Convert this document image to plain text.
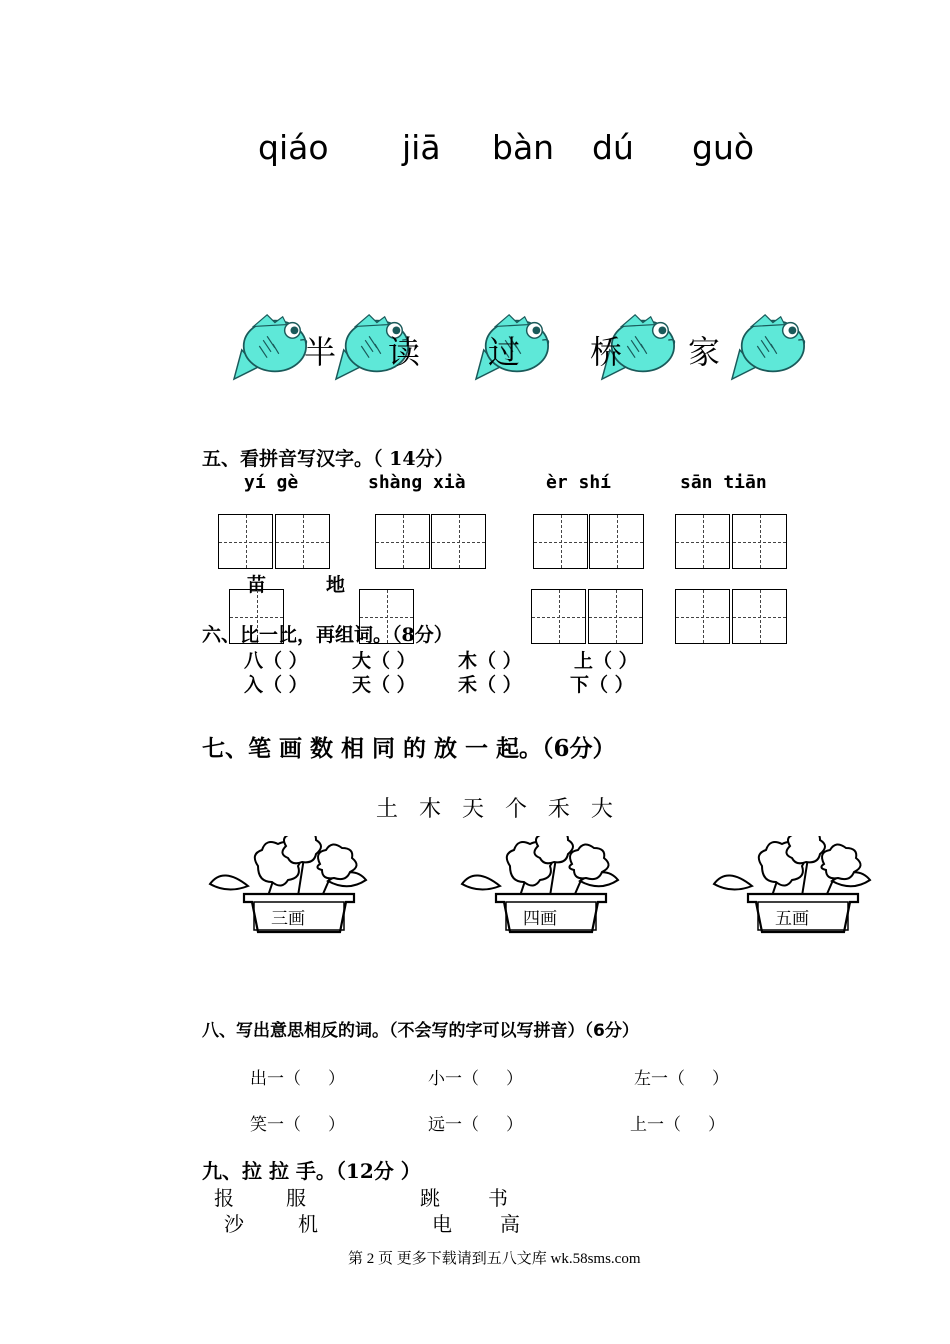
qiáo jiā bàn dú guò
半 读 过 桥 家
五、看拼音写汉字。（ 14分）
yí gè	shàng xià	èr shí	sān tiān
苗	地
六、比一比，再组词。（8分）
八（ ） 大（ ） 木（ ）	上（ ）
入（ ） 天（ ） 禾（ ）	下（ ）
七、笔 画 数 相 同 的 放 一 起。（6分）
土   木   天   个   禾   大
三画	四画	五画
八、写出意思相反的词。（不会写的字可以写拼音）（6分）
出一（     ）	小一（     ）	左一（     ）
笑一（     ）	远一（     ）	上一（     ）
九、拉 拉 手。（12分 ）
报	服	跳 书
沙	机	电 高
第 2 页 更多下载请到五八文库 wk.58sms.com
